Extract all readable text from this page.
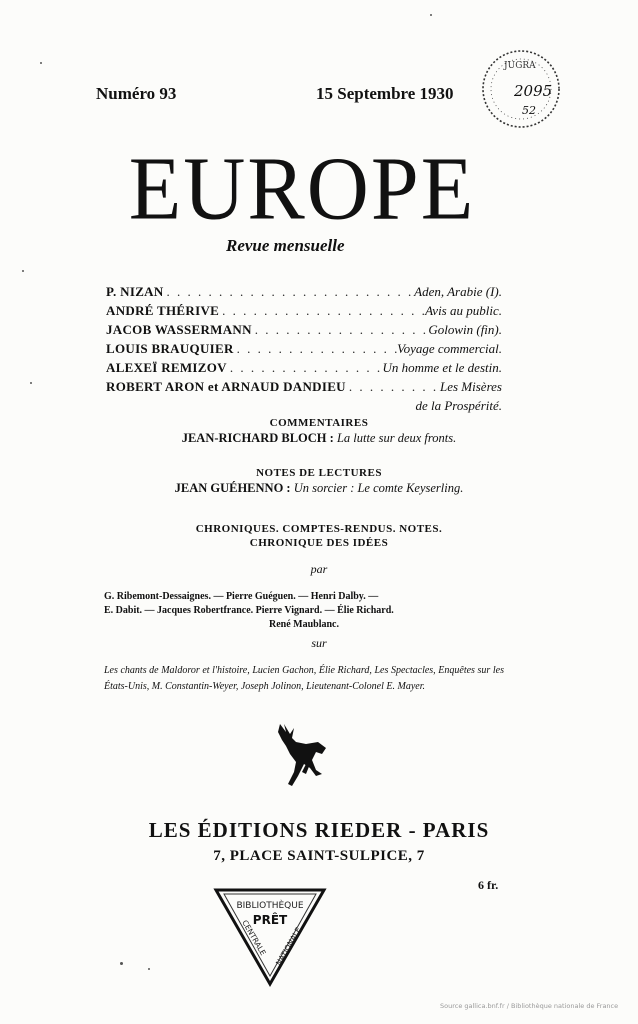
Numéro 93	15 Septembre 1930
JUGRA
2095
52
EUROPE
Revue mensuelle
P. NIZAN . . .	Aden, Arabie (I).
ANDRÉ THÉRIVE . . .	Avis au public.
JACOB WASSERMANN . . .	Golowin (fin).
LOUIS BRAUQUIER . . .	Voyage commercial.
ALEXEÏ REMIZOV . . .	Un homme et le destin.
ROBERT ARON et ARNAUD DANDIEU . . .	Les Misères
de la Prospérité.
COMMENTAIRES
JEAN-RICHARD BLOCH : La lutte sur deux fronts.
NOTES DE LECTURES
JEAN GUÉHENNO : Un sorcier : Le comte Keyserling.
CHRONIQUES. COMPTES-RENDUS. NOTES.
CHRONIQUE DES IDÉES
par
G. Ribemont-Dessaignes. — Pierre Guéguen. — Henri Dalby. —
E. Dabit. — Jacques Robertfrance. Pierre Vignard. — Élie Richard.
René Maublanc.
sur
Les chants de Maldoror et l'histoire, Lucien Gachon, Élie Richard, Les Spectacles, Enquêtes sur les États-Unis, M. Constantin-Weyer, Joseph Jolinon, Lieutenant-Colonel E. Mayer.
LES ÉDITIONS RIEDER - PARIS
7, PLACE SAINT-SULPICE, 7
6 fr.
BIBLIOTHÈQUE
PRÊT
CENTRALE NATIONALE
Source gallica.bnf.fr / Bibliothèque nationale de France
